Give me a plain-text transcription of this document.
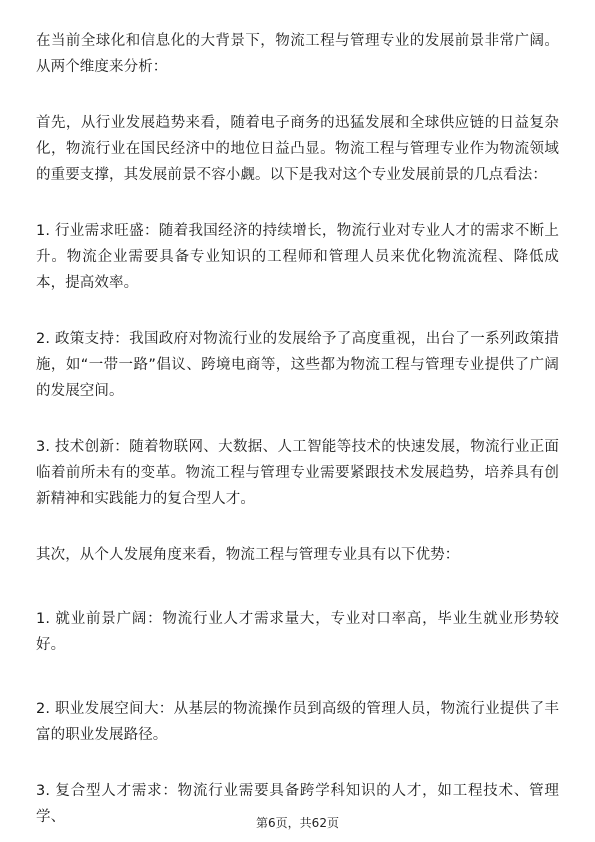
在当前全球化和信息化的大背景下，物流工程与管理专业的发展前景非常广阔。从两个维度来分析：

首先，从行业发展趋势来看，随着电子商务的迅猛发展和全球供应链的日益复杂化，物流行业在国民经济中的地位日益凸显。物流工程与管理专业作为物流领域的重要支撑，其发展前景不容小觑。以下是我对这个专业发展前景的几点看法：

1. 行业需求旺盛：随着我国经济的持续增长，物流行业对专业人才的需求不断上升。物流企业需要具备专业知识的工程师和管理人员来优化物流流程、降低成本，提高效率。

2. 政策支持：我国政府对物流行业的发展给予了高度重视，出台了一系列政策措施，如“一带一路”倡议、跨境电商等，这些都为物流工程与管理专业提供了广阔的发展空间。

3. 技术创新：随着物联网、大数据、人工智能等技术的快速发展，物流行业正面临着前所未有的变革。物流工程与管理专业需要紧跟技术发展趋势，培养具有创新精神和实践能力的复合型人才。

其次，从个人发展角度来看，物流工程与管理专业具有以下优势：

1. 就业前景广阔：物流行业人才需求量大，专业对口率高，毕业生就业形势较好。

2. 职业发展空间大：从基层的物流操作员到高级的管理人员，物流行业提供了丰富的职业发展路径。

3. 复合型人才需求：物流行业需要具备跨学科知识的人才，如工程技术、管理学、	第6页，共62页
